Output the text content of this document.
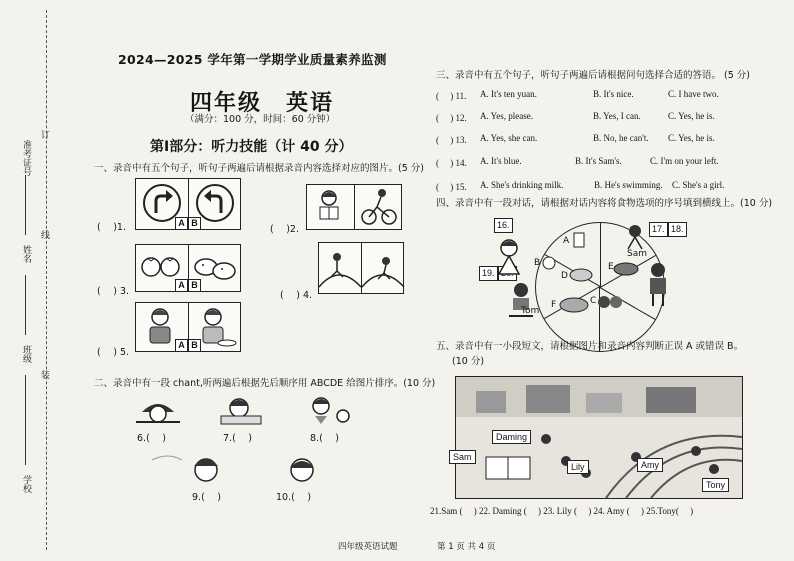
准考证号
姓名
班级
学校
订
线
装
2024—2025 学年第一学期学业质量素养监测
四年级　英语
（满分：100 分，时间：60 分钟）
第Ⅰ部分：听力技能（计 40 分）
一、录音中有五个句子，听句子两遍后请根据录音内容选择对应的图片。(5 分)
A B
(　 )1.	(　 )2.
A B
(　 ) 3.	(　 ) 4.
A B
(　 ) 5.
二、录音中有一段 chant,听两遍后根据先后顺序用 ABCDE 给图片排序。(10 分)
6.(　 )	7.(　 )	8.(　 )
9.(　 )	10.(　 )
三、录音中有五个句子，听句子两遍后请根据问句选择合适的答语。 (5 分)
(　 ) 11. A. It's ten yuan.	B. It's nice.	C. I have two.
(　 ) 12. A. Yes, please.	B. Yes, I can.	C. Yes, he is.
(　 ) 13. A. Yes, she can.	B. No, he can't. C. Yes, he is.
(　 ) 14. A. It's blue.	B. It's Sam's.	C. I'm on your left.
(　 ) 15. A. She's drinking milk.	B. He's swimming. C. She's a girl.
四、录音中有一段对话，请根据对话内容将食物选项的序号填到横线上。(10 分)
16.	17. 18.
19.
A
B
C
D
E
F
Sam
Tom
五、录音中有一小段短文，请根据图片和录音内容判断正误 A 或错误 B。
(10 分)
Daming
Sam
Lily	Amy
Tony
21.Sam (　 ) 22. Daming (　 ) 23. Lily (　 ) 24. Amy (　 ) 25.Tony(　 )
四年级英语试题	第 1 页 共 4 页
